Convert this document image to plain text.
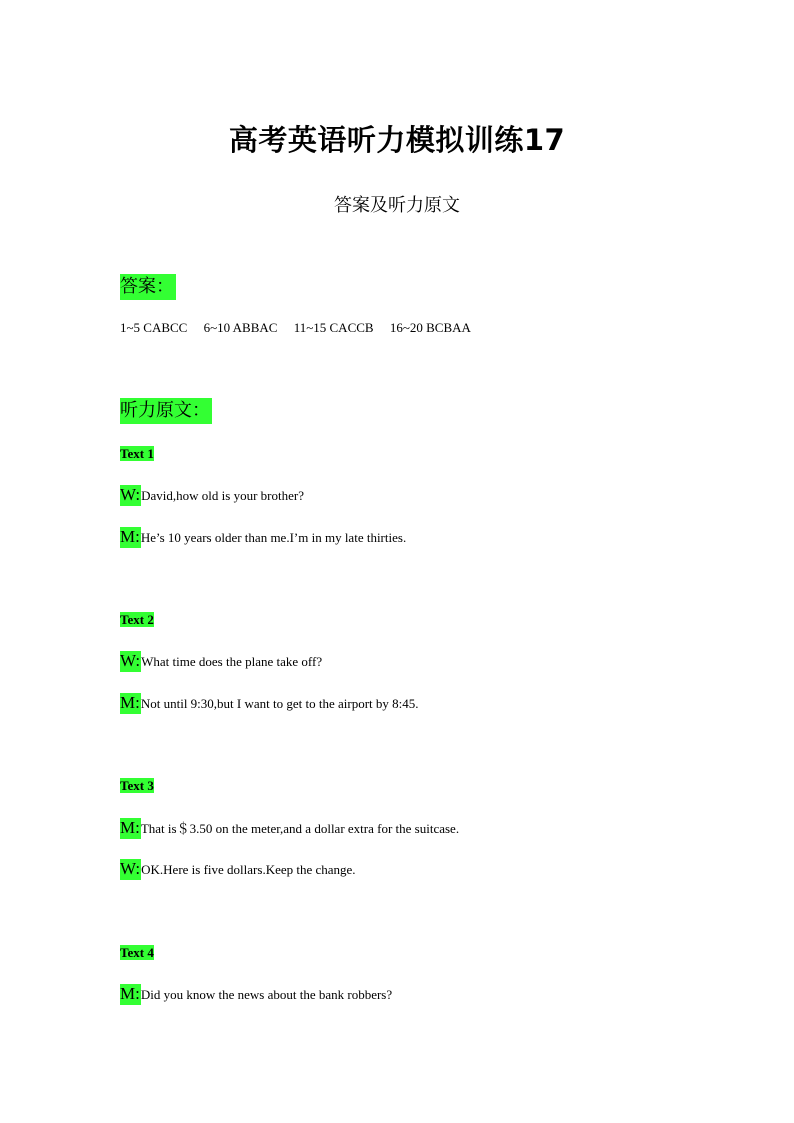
高考英语听力模拟训练17
答案及听力原文
答案：
1~5 CABCC     6~10 ABBAC     11~15 CACCB     16~20 BCBAA
听力原文：
Text 1
W:David,how old is your brother?
M:He’s 10 years older than me.I’m in my late thirties.
Text 2
W:What time does the plane take off?
M:Not until 9:30,but I want to get to the airport by 8:45.
Text 3
M:That is＄3.50 on the meter,and a dollar extra for the suitcase.
W:OK.Here is five dollars.Keep the change.
Text 4
M:Did you know the news about the bank robbers?
